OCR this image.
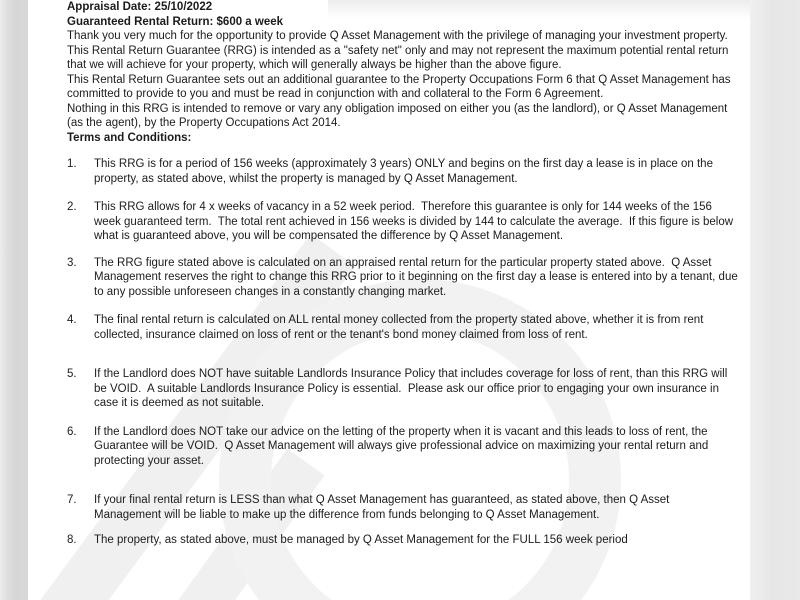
Appraisal Date: 25/10/2022

Guaranteed Rental Return: $600 a week

Thank you very much for the opportunity to provide Q Asset Management with the privilege of managing your investment property.  This Rental Return Guarantee (RRG) is intended as a "safety net" only and may not represent the maximum potential rental return that we will achieve for your property, which will generally always be higher than the above figure.

This Rental Return Guarantee sets out an additional guarantee to the Property Occupations Form 6 that Q Asset Management has committed to provide to you and must be read in conjunction with and collateral to the Form 6 Agreement.

Nothing in this RRG is intended to remove or vary any obligation imposed on either you (as the landlord), or Q Asset Management (as the agent), by the Property Occupations Act 2014.

Terms and Conditions:

1.	This RRG is for a period of 156 weeks (approximately 3 years) ONLY and begins on the first day a lease is in place on the property, as stated above, whilst the property is managed by Q Asset Management.
2.	This RRG allows for 4 x weeks of vacancy in a 52 week period.  Therefore this guarantee is only for 144 weeks of the 156 week guaranteed term.  The total rent achieved in 156 weeks is divided by 144 to calculate the average.  If this figure is below what is guaranteed above, you will be compensated the difference by Q Asset Management.
3.	The RRG figure stated above is calculated on an appraised rental return for the particular property stated above.  Q Asset Management reserves the right to change this RRG prior to it beginning on the first day a lease is entered into by a tenant, due to any possible unforeseen changes in a constantly changing market.
4.	The final rental return is calculated on ALL rental money collected from the property stated above, whether it is from rent collected, insurance claimed on loss of rent or the tenant's bond money claimed from loss of rent.
5.	If the Landlord does NOT have suitable Landlords Insurance Policy that includes coverage for loss of rent, than this RRG will be VOID.  A suitable Landlords Insurance Policy is essential.  Please ask our office prior to engaging your own insurance in case it is deemed as not suitable.
6.	If the Landlord does NOT take our advice on the letting of the property when it is vacant and this leads to loss of rent, the Guarantee will be VOID.  Q Asset Management will always give professional advice on maximizing your rental return and protecting your asset.
7.	If your final rental return is LESS than what Q Asset Management has guaranteed, as stated above, then Q Asset Management will be liable to make up the difference from funds belonging to Q Asset Management.
8.	The property, as stated above, must be managed by Q Asset Management for the FULL 156 week period
